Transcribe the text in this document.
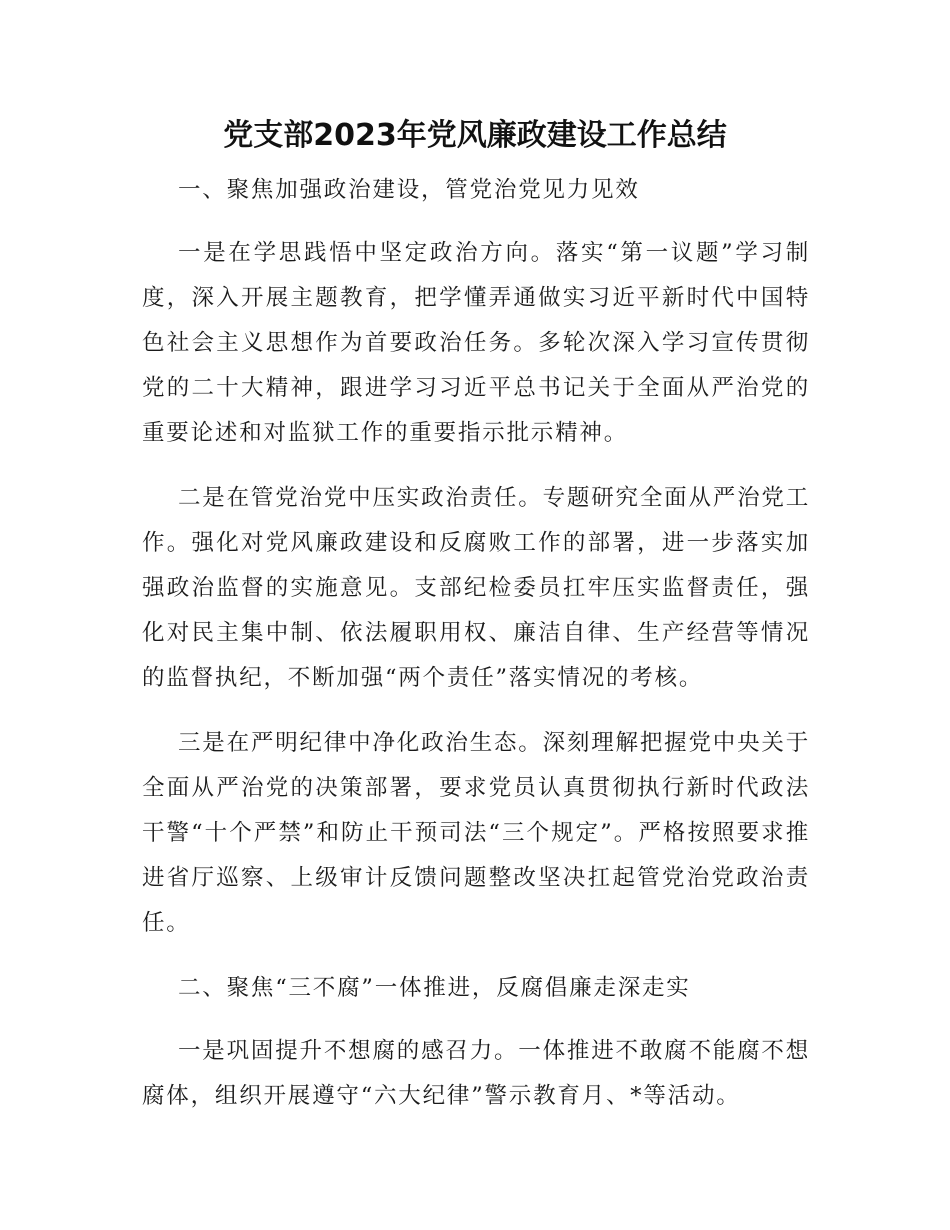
党支部2023年党风廉政建设工作总结

一、聚焦加强政治建设，管党治党见力见效

一是在学思践悟中坚定政治方向。落实“第一议题”学习制度，深入开展主题教育，把学懂弄通做实习近平新时代中国特色社会主义思想作为首要政治任务。多轮次深入学习宣传贯彻党的二十大精神，跟进学习习近平总书记关于全面从严治党的重要论述和对监狱工作的重要指示批示精神。

二是在管党治党中压实政治责任。专题研究全面从严治党工作。强化对党风廉政建设和反腐败工作的部署，进一步落实加强政治监督的实施意见。支部纪检委员扛牢压实监督责任，强化对民主集中制、依法履职用权、廉洁自律、生产经营等情况的监督执纪，不断加强“两个责任”落实情况的考核。

三是在严明纪律中净化政治生态。深刻理解把握党中央关于全面从严治党的决策部署，要求党员认真贯彻执行新时代政法干警“十个严禁”和防止干预司法“三个规定”。严格按照要求推进省厅巡察、上级审计反馈问题整改坚决扛起管党治党政治责任。

二、聚焦“三不腐”一体推进，反腐倡廉走深走实

一是巩固提升不想腐的感召力。一体推进不敢腐不能腐不想腐体，组织开展遵守“六大纪律”警示教育月、*等活动。
